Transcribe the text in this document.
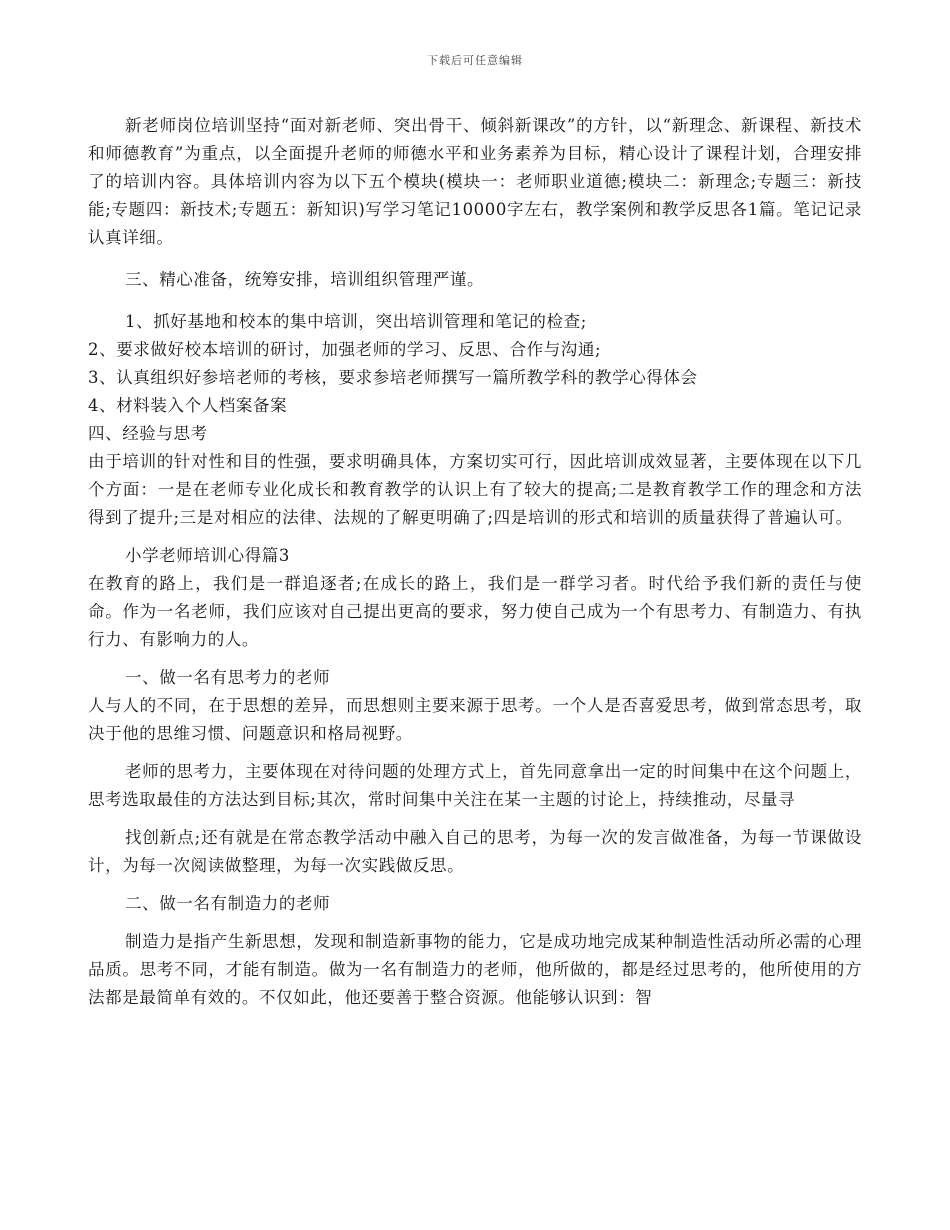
下载后可任意编辑

新老师岗位培训坚持“面对新老师、突出骨干、倾斜新课改”的方针，以“新理念、新课程、新技术和师德教育”为重点，以全面提升老师的师德水平和业务素养为目标，精心设计了课程计划，合理安排了的培训内容。具体培训内容为以下五个模块(模块一：老师职业道德;模块二：新理念;专题三：新技能;专题四：新技术;专题五：新知识)写学习笔记10000字左右，教学案例和教学反思各1篇。笔记记录认真详细。

三、精心准备，统筹安排，培训组织管理严谨。

1、抓好基地和校本的集中培训，突出培训管理和笔记的检查;

2、要求做好校本培训的研讨，加强老师的学习、反思、合作与沟通;

3、认真组织好参培老师的考核，要求参培老师撰写一篇所教学科的教学心得体会

4、材料装入个人档案备案

四、经验与思考

由于培训的针对性和目的性强，要求明确具体，方案切实可行，因此培训成效显著，主要体现在以下几个方面：一是在老师专业化成长和教育教学的认识上有了较大的提高;二是教育教学工作的理念和方法得到了提升;三是对相应的法律、法规的了解更明确了;四是培训的形式和培训的质量获得了普遍认可。

小学老师培训心得篇3

在教育的路上，我们是一群追逐者;在成长的路上，我们是一群学习者。时代给予我们新的责任与使命。作为一名老师，我们应该对自己提出更高的要求，努力使自己成为一个有思考力、有制造力、有执行力、有影响力的人。

一、做一名有思考力的老师

人与人的不同，在于思想的差异，而思想则主要来源于思考。一个人是否喜爱思考，做到常态思考，取决于他的思维习惯、问题意识和格局视野。

老师的思考力，主要体现在对待问题的处理方式上，首先同意拿出一定的时间集中在这个问题上，思考选取最佳的方法达到目标;其次，常时间集中关注在某一主题的讨论上，持续推动，尽量寻

找创新点;还有就是在常态教学活动中融入自己的思考，为每一次的发言做准备，为每一节课做设计，为每一次阅读做整理，为每一次实践做反思。

二、做一名有制造力的老师

制造力是指产生新思想，发现和制造新事物的能力，它是成功地完成某种制造性活动所必需的心理品质。思考不同，才能有制造。做为一名有制造力的老师，他所做的，都是经过思考的，他所使用的方法都是最简单有效的。不仅如此，他还要善于整合资源。他能够认识到：智
